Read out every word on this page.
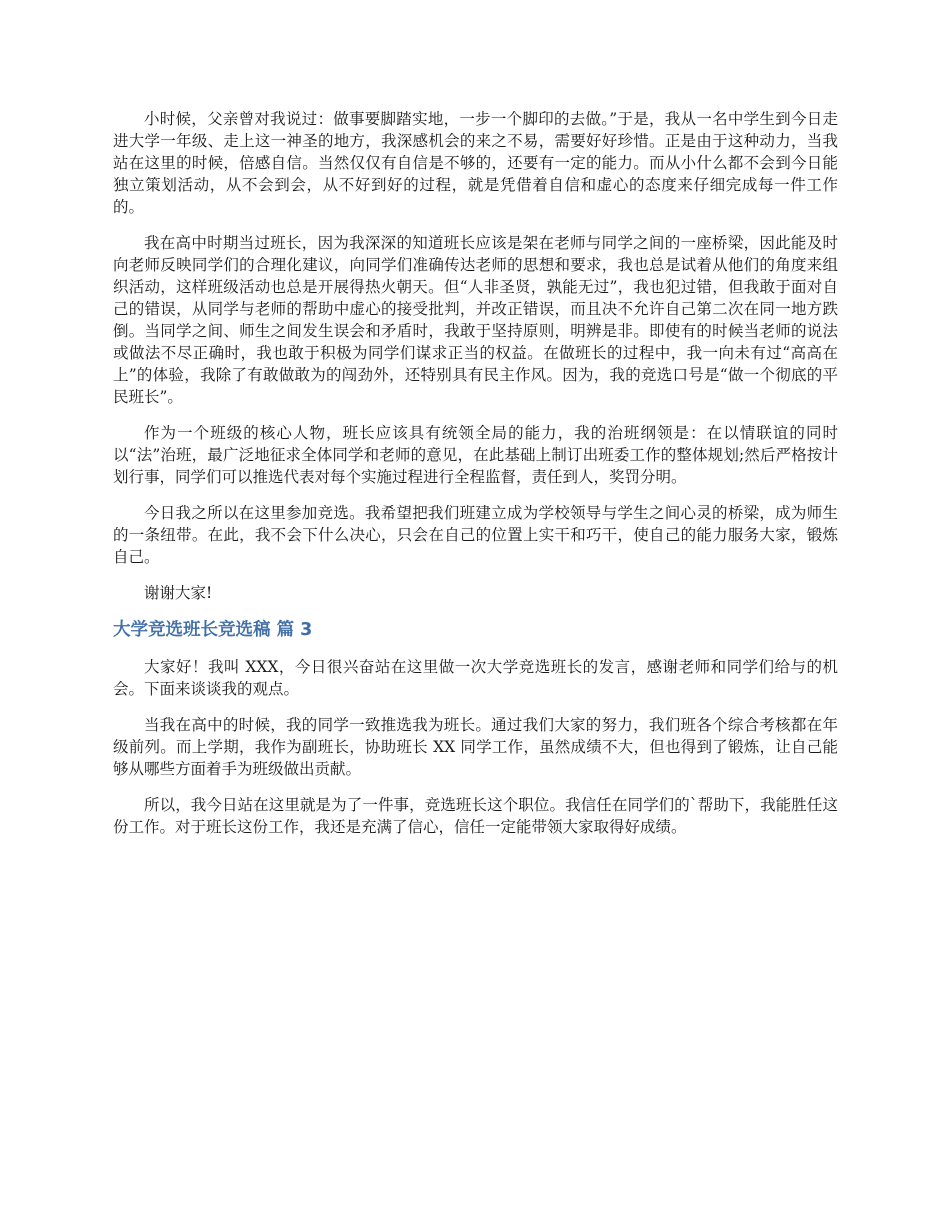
小时候，父亲曾对我说过：做事要脚踏实地，一步一个脚印的去做。”于是，我从一名中学生到今日走进大学一年级、走上这一神圣的地方，我深感机会的来之不易，需要好好珍惜。正是由于这种动力，当我站在这里的时候，倍感自信。当然仅仅有自信是不够的，还要有一定的能力。而从小什么都不会到今日能独立策划活动，从不会到会，从不好到好的过程，就是凭借着自信和虚心的态度来仔细完成每一件工作的。

我在高中时期当过班长，因为我深深的知道班长应该是架在老师与同学之间的一座桥梁，因此能及时向老师反映同学们的合理化建议，向同学们准确传达老师的思想和要求，我也总是试着从他们的角度来组织活动，这样班级活动也总是开展得热火朝天。但“人非圣贤，孰能无过”，我也犯过错，但我敢于面对自己的错误，从同学与老师的帮助中虚心的接受批判，并改正错误，而且决不允许自己第二次在同一地方跌倒。当同学之间、师生之间发生误会和矛盾时，我敢于坚持原则，明辨是非。即使有的时候当老师的说法或做法不尽正确时，我也敢于积极为同学们谋求正当的权益。在做班长的过程中，我一向未有过“高高在上”的体验，我除了有敢做敢为的闯劲外，还特别具有民主作风。因为，我的竞选口号是“做一个彻底的平民班长”。

作为一个班级的核心人物，班长应该具有统领全局的能力，我的治班纲领是：在以情联谊的同时以“法”治班，最广泛地征求全体同学和老师的意见，在此基础上制订出班委工作的整体规划;然后严格按计划行事，同学们可以推选代表对每个实施过程进行全程监督，责任到人，奖罚分明。

今日我之所以在这里参加竞选。我希望把我们班建立成为学校领导与学生之间心灵的桥梁，成为师生的一条纽带。在此，我不会下什么决心，只会在自己的位置上实干和巧干，使自己的能力服务大家，锻炼自己。

谢谢大家!

大学竞选班长竞选稿 篇 3

大家好！我叫 XXX，今日很兴奋站在这里做一次大学竞选班长的发言，感谢老师和同学们给与的机会。下面来谈谈我的观点。

当我在高中的时候，我的同学一致推选我为班长。通过我们大家的努力，我们班各个综合考核都在年级前列。而上学期，我作为副班长，协助班长 XX 同学工作，虽然成绩不大，但也得到了锻炼，让自己能够从哪些方面着手为班级做出贡献。

所以，我今日站在这里就是为了一件事，竞选班长这个职位。我信任在同学们的`帮助下，我能胜任这份工作。对于班长这份工作，我还是充满了信心，信任一定能带领大家取得好成绩。
